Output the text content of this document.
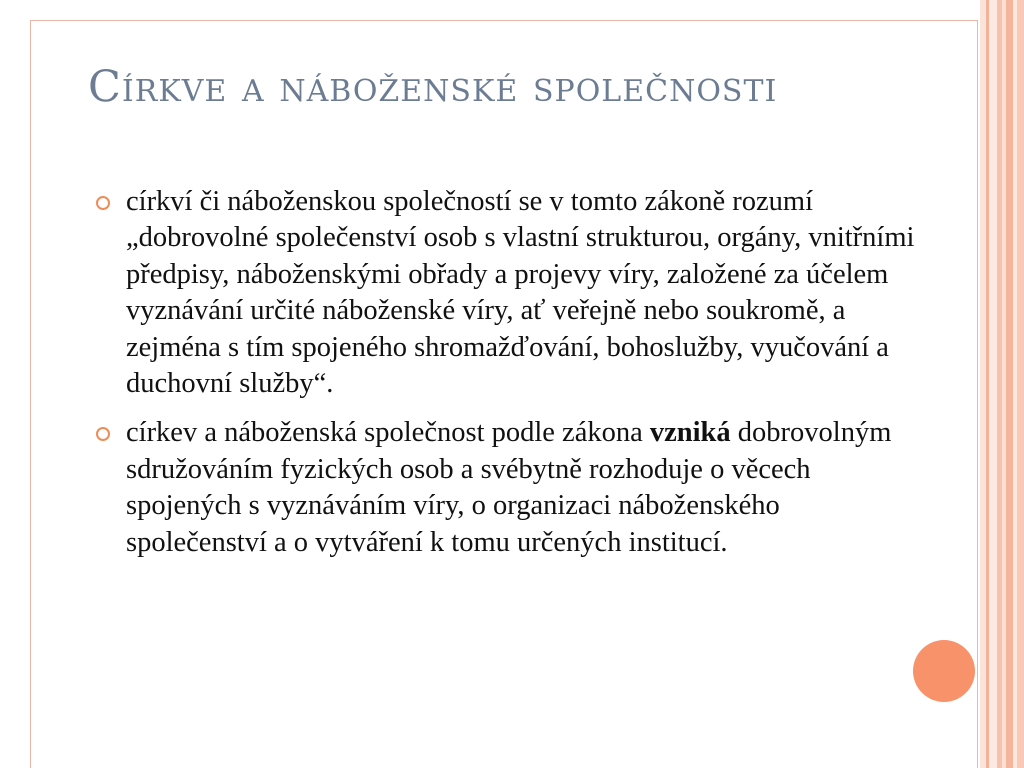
Církve a náboženské společnosti
církví či náboženskou společností se v tomto zákoně rozumí „dobrovolné společenství osob s vlastní strukturou, orgány, vnitřními předpisy, náboženskými obřady a projevy víry, založené za účelem vyznávání určité náboženské víry, ať veřejně nebo soukromě, a zejména s tím spojeného shromažďování, bohoslužby, vyučování a duchovní služby“.
církev a náboženská společnost podle zákona vzniká dobrovolným sdružováním fyzických osob a svébytně rozhoduje o věcech spojených s vyznáváním víry, o organizaci náboženského společenství a o vytváření k tomu určených institucí.
